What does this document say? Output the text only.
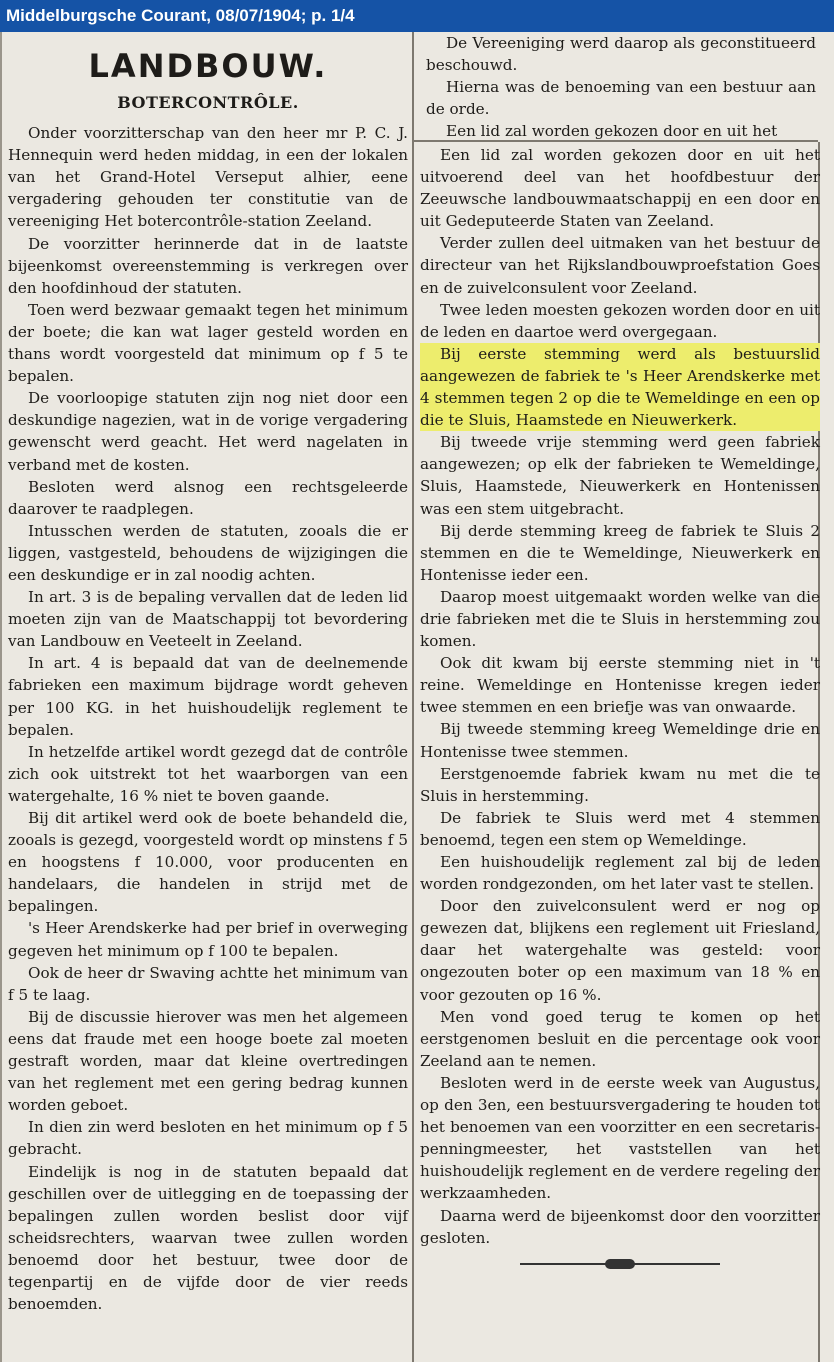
Middelburgsche Courant, 08/07/1904; p. 1/4
LANDBOUW.
BOTERCONTRÔLE.

Onder voorzitterschap van den heer mr P. C. J. Hennequin werd heden middag, in een der lokalen van het Grand-Hotel Verseput alhier, eene vergadering gehouden ter constitutie van de vereeniging Het botercontrôle-station Zeeland.

De voorzitter herinnerde dat in de laatste bijeenkomst overeenstemming is verkregen over den hoofdinhoud der statuten.

Toen werd bezwaar gemaakt tegen het minimum der boete; die kan wat lager gesteld worden en thans wordt voorgesteld dat minimum op f 5 te bepalen.

De voorloopige statuten zijn nog niet door een deskundige nagezien, wat in de vorige vergadering gewenscht werd geacht. Het werd nagelaten in verband met de kosten.

Besloten werd alsnog een rechtsgeleerde daarover te raadplegen.

Intusschen werden de statuten, zooals die er liggen, vastgesteld, behoudens de wijzigingen die een deskundige er in zal noodig achten.

In art. 3 is de bepaling vervallen dat de leden lid moeten zijn van de Maatschappij tot bevordering van Landbouw en Veeteelt in Zeeland.

In art. 4 is bepaald dat van de deelnemende fabrieken een maximum bijdrage wordt geheven per 100 KG. in het huishoudelijk reglement te bepalen.

In hetzelfde artikel wordt gezegd dat de contrôle zich ook uitstrekt tot het waarborgen van een watergehalte, 16 % niet te boven gaande.

Bij dit artikel werd ook de boete behandeld die, zooals is gezegd, voorgesteld wordt op minstens f 5 en hoogstens f 10.000, voor producenten en handelaars, die handelen in strijd met de bepalingen.

's Heer Arendskerke had per brief in overweging gegeven het minimum op f 100 te bepalen.

Ook de heer dr Swaving achtte het minimum van f 5 te laag.

Bij de discussie hierover was men het algemeen eens dat fraude met een hooge boete zal moeten gestraft worden, maar dat kleine overtredingen van het reglement met een gering bedrag kunnen worden geboet.

In dien zin werd besloten en het minimum op f 5 gebracht.

Eindelijk is nog in de statuten bepaald dat geschillen over de uitlegging en de toepassing der bepalingen zullen worden beslist door vijf scheidsrechters, waarvan twee zullen worden benoemd door het bestuur, twee door de tegenpartij en de vijfde door de vier reeds benoemden.

De Vereeniging werd daarop als geconstitueerd beschouwd.

Hierna was de benoeming van een bestuur aan de orde.

Een lid zal worden gekozen door en uit het

Een lid zal worden gekozen door en uit het uitvoerend deel van het hoofdbestuur der Zeeuwsche landbouwmaatschappij en een door en uit Gedeputeerde Staten van Zeeland.

Verder zullen deel uitmaken van het bestuur de directeur van het Rijkslandbouwproefstation Goes en de zuivelconsulent voor Zeeland.

Twee leden moesten gekozen worden door en uit de leden en daartoe werd overgegaan.

Bij eerste stemming werd als bestuurslid aangewezen de fabriek te 's Heer Arendskerke met 4 stemmen tegen 2 op die te Wemeldinge en een op die te Sluis, Haamstede en Nieuwerkerk.

Bij tweede vrije stemming werd geen fabriek aangewezen; op elk der fabrieken te Wemeldinge, Sluis, Haamstede, Nieuwerkerk en Hontenissen was een stem uitgebracht.

Bij derde stemming kreeg de fabriek te Sluis 2 stemmen en die te Wemeldinge, Nieuwerkerk en Hontenisse ieder een.

Daarop moest uitgemaakt worden welke van die drie fabrieken met die te Sluis in herstemming zou komen.

Ook dit kwam bij eerste stemming niet in 't reine. Wemeldinge en Hontenisse kregen ieder twee stemmen en een briefje was van onwaarde.

Bij tweede stemming kreeg Wemeldinge drie en Hontenisse twee stemmen.

Eerstgenoemde fabriek kwam nu met die te Sluis in herstemming.

De fabriek te Sluis werd met 4 stemmen benoemd, tegen een stem op Wemeldinge.

Een huishoudelijk reglement zal bij de leden worden rondgezonden, om het later vast te stellen.

Door den zuivelconsulent werd er nog op gewezen dat, blijkens een reglement uit Friesland, daar het watergehalte was gesteld: voor ongezouten boter op een maximum van 18 % en voor gezouten op 16 %.

Men vond goed terug te komen op het eerstgenomen besluit en die percentage ook voor Zeeland aan te nemen.

Besloten werd in de eerste week van Augustus, op den 3en, een bestuursvergadering te houden tot het benoemen van een voorzitter en een secretaris-penningmeester, het vaststellen van het huishoudelijk reglement en de verdere regeling der werkzaamheden.

Daarna werd de bijeenkomst door den voorzitter gesloten.
